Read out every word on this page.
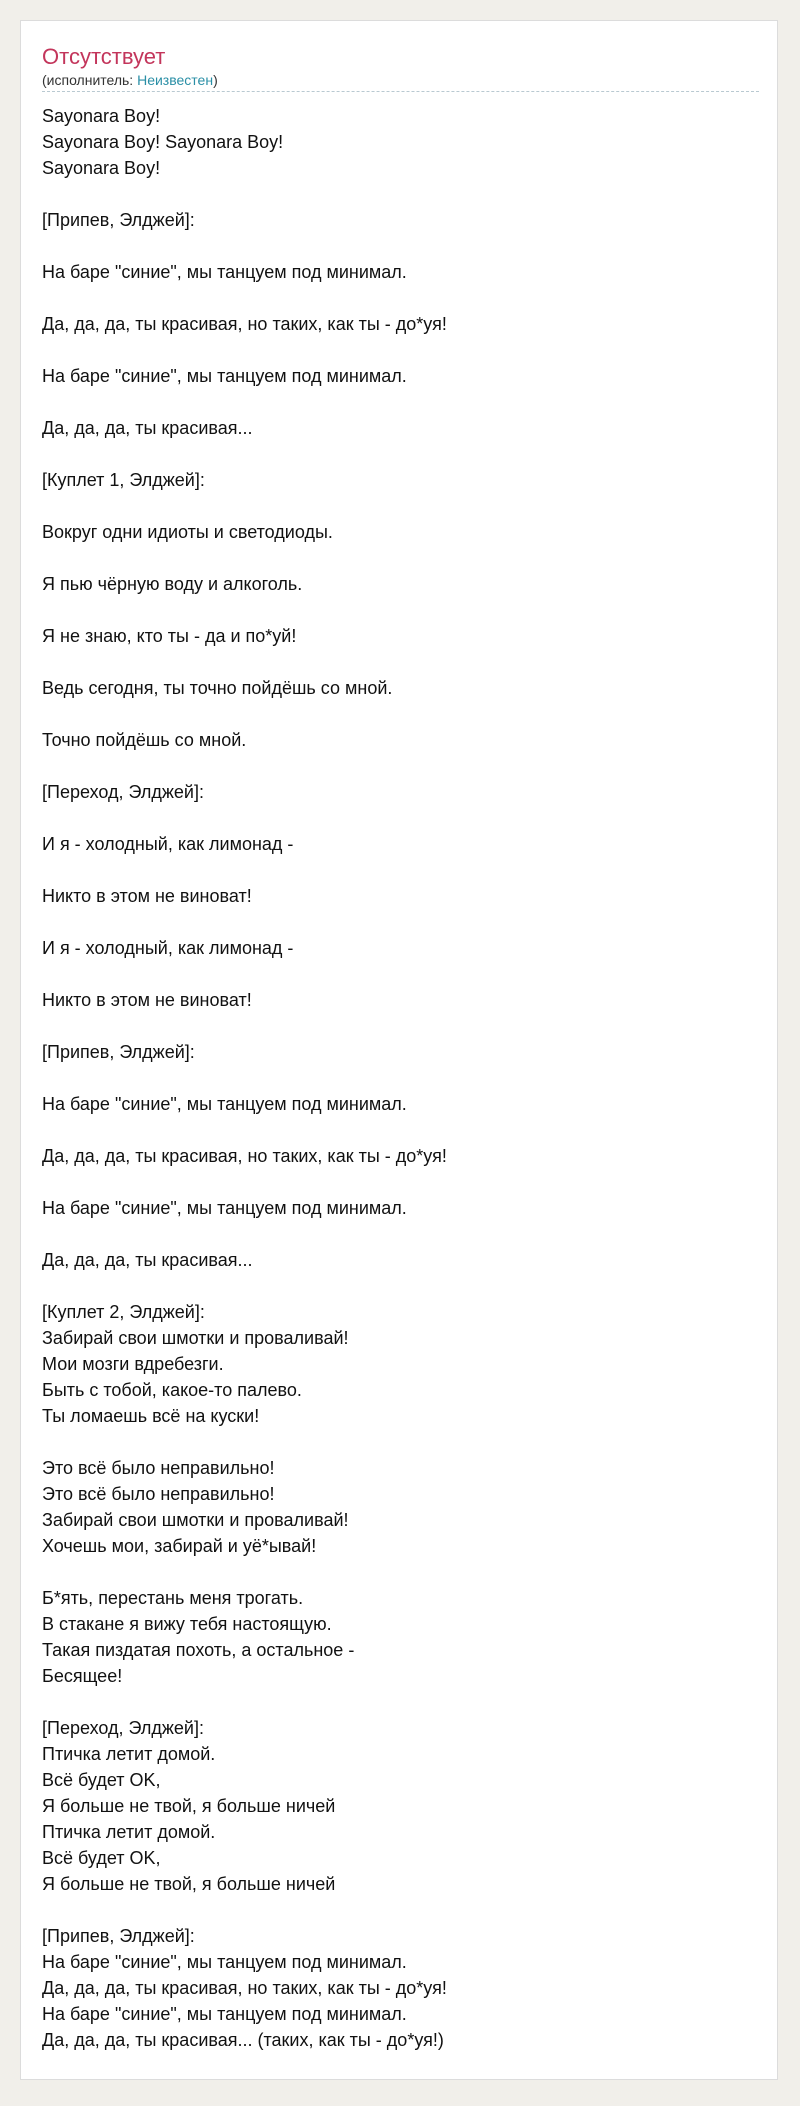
Отсутствует
(исполнитель: Неизвестен)
Sayonara Boy!
Sayonara Boy! Sayonara Boy!
Sayonara Boy!
[Припев, Элджей]:
На баре "синие", мы танцуем под минимал.
Да, да, да, ты красивая, но таких, как ты - до*уя!
На баре "синие", мы танцуем под минимал.
Да, да, да, ты красивая...
[Куплет 1, Элджей]:
Вокруг одни идиоты и светодиоды.
Я пью чёрную воду и алкоголь.
Я не знаю, кто ты - да и по*уй!
Ведь сегодня, ты точно пойдёшь со мной.
Точно пойдёшь со мной.
[Переход, Элджей]:
И я - холодный, как лимонад -
Никто в этом не виноват!
И я - холодный, как лимонад -
Никто в этом не виноват!
[Припев, Элджей]:
На баре "синие", мы танцуем под минимал.
Да, да, да, ты красивая, но таких, как ты - до*уя!
На баре "синие", мы танцуем под минимал.
Да, да, да, ты красивая...
[Куплет 2, Элджей]:
Забирай свои шмотки и проваливай!
Мои мозги вдребезги.
Быть с тобой, какое-то палево.
Ты ломаешь всё на куски!
Это всё было неправильно!
Это всё было неправильно!
Забирай свои шмотки и проваливай!
Хочешь мои, забирай и уё*ывай!
Б*ять, перестань меня трогать.
В стакане я вижу тебя настоящую.
Такая пиздатая похоть, а остальное -
Бесящее!
[Переход, Элджей]:
Птичка летит домой.
Всё будет OK,
Я больше не твой, я больше ничей
Птичка летит домой.
Всё будет OK,
Я больше не твой, я больше ничей
[Припев, Элджей]:
На баре "синие", мы танцуем под минимал.
Да, да, да, ты красивая, но таких, как ты - до*уя!
На баре "синие", мы танцуем под минимал.
Да, да, да, ты красивая... (таких, как ты - до*уя!)
